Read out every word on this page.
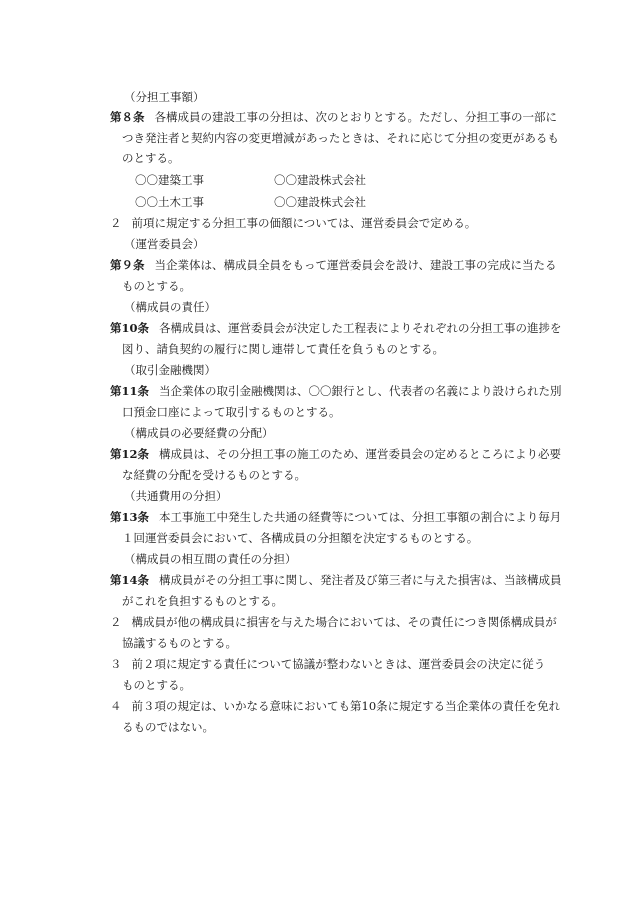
（分担工事額）
第８条 各構成員の建設工事の分担は、次のとおりとする。ただし、分担工事の一部に
つき発注者と契約内容の変更増減があったときは、それに応じて分担の変更があるも
のとする。
〇〇建築工事	〇〇建設株式会社
〇〇土木工事	〇〇建設株式会社
２ 前項に規定する分担工事の価額については、運営委員会で定める。
（運営委員会）
第９条 当企業体は、構成員全員をもって運営委員会を設け、建設工事の完成に当たる
ものとする。
（構成員の責任）
第10条 各構成員は、運営委員会が決定した工程表によりそれぞれの分担工事の進捗を
図り、請負契約の履行に関し連帯して責任を負うものとする。
（取引金融機関）
第11条 当企業体の取引金融機関は、〇〇銀行とし、代表者の名義により設けられた別
口預金口座によって取引するものとする。
（構成員の必要経費の分配）
第12条 構成員は、その分担工事の施工のため、運営委員会の定めるところにより必要
な経費の分配を受けるものとする。
（共通費用の分担）
第13条 本工事施工中発生した共通の経費等については、分担工事額の割合により毎月
１回運営委員会において、各構成員の分担額を決定するものとする。
（構成員の相互間の責任の分担）
第14条 構成員がその分担工事に関し、発注者及び第三者に与えた損害は、当該構成員
がこれを負担するものとする。
２ 構成員が他の構成員に損害を与えた場合においては、その責任につき関係構成員が
協議するものとする。
３ 前２項に規定する責任について協議が整わないときは、運営委員会の決定に従う
ものとする。
４ 前３項の規定は、いかなる意味においても第10条に規定する当企業体の責任を免れ
るものではない。
